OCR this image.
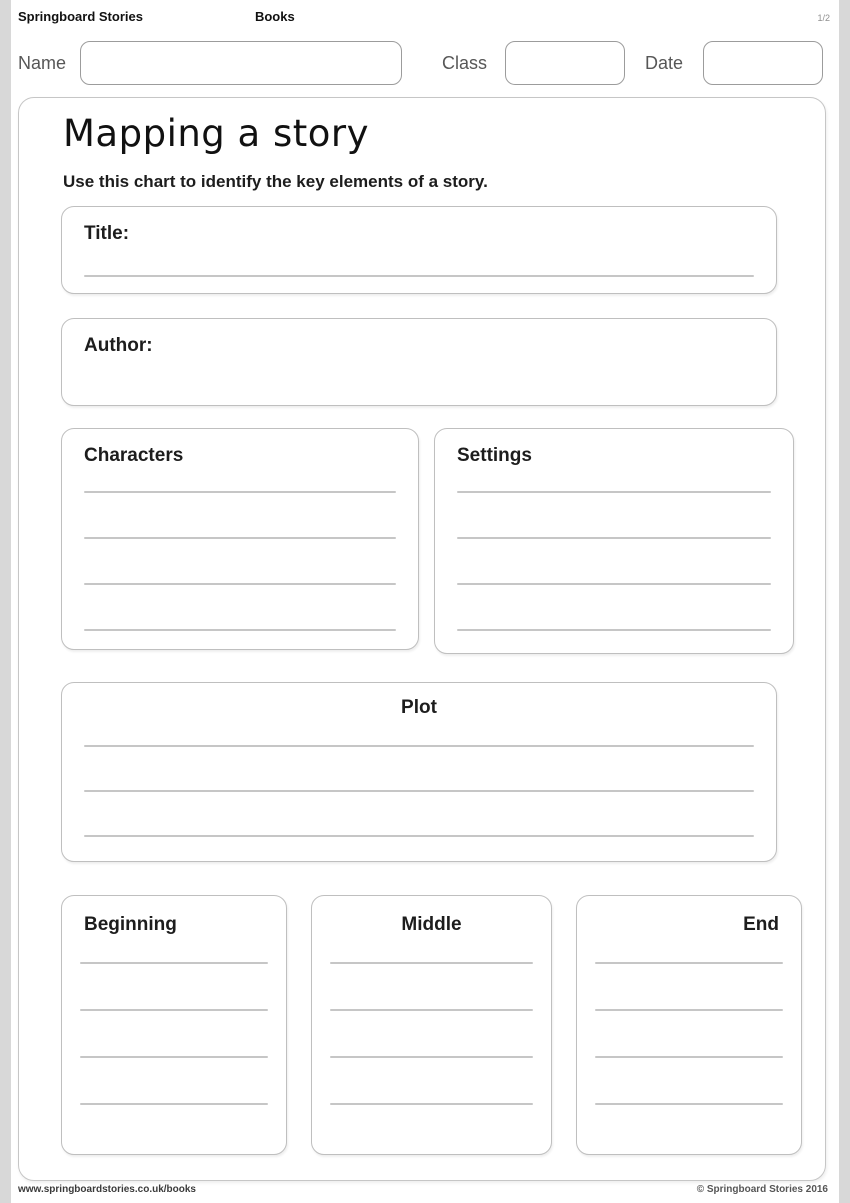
Springboard Stories	Books	1/2
Name	Class	Date
Mapping a story

Use this chart to identify the key elements of a story.

Title:
Author:
Characters	Settings
Plot
Beginning	Middle	End
www.springboardstories.co.uk/books	© Springboard Stories 2016
